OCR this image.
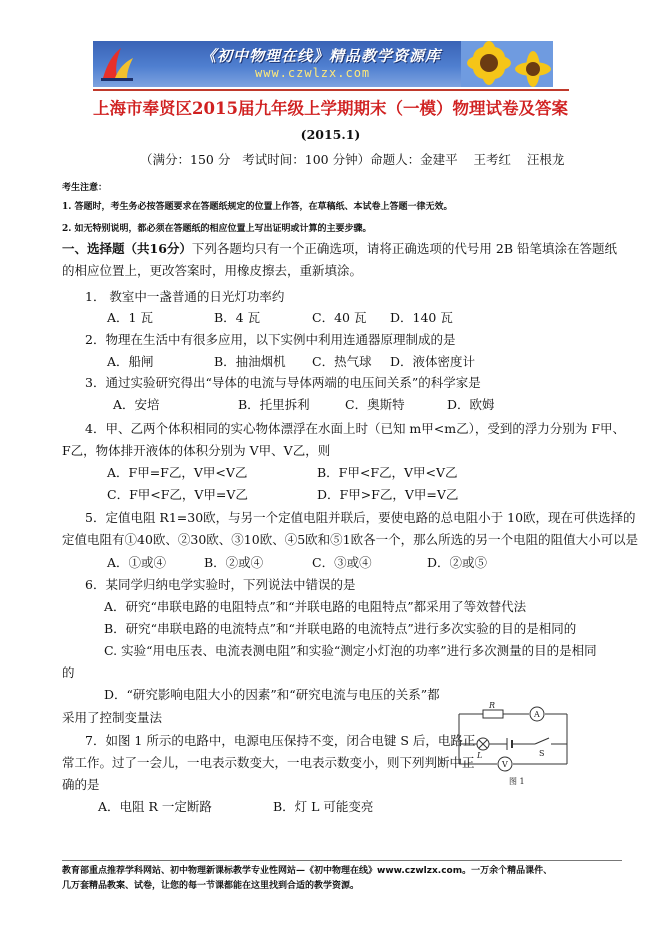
《初中物理在线》精品教学资源库
www.czwlzx.com
上海市奉贤区2015届九年级上学期期末（一模）物理试卷及答案
(2015.1)
（满分：150 分   考试时间：100 分钟）命题人：金建平    王考红    汪根龙
考生注意：
1. 答题时，考生务必按答题要求在答题纸规定的位置上作答，在草稿纸、本试卷上答题一律无效。
2. 如无特别说明，都必须在答题纸的相应位置上写出证明或计算的主要步骤。
一、选择题（共16分）下列各题均只有一个正确选项，请将正确选项的代号用 2B 铅笔填涂在答题纸
的相应位置上，更改答案时，用橡皮擦去，重新填涂。
1． 教室中一盏普通的日光灯功率约
A．1 瓦	B．4 瓦	C．40 瓦 D．140 瓦
2．物理在生活中有很多应用，以下实例中利用连通器原理制成的是
A．船闸	B．抽油烟机 C．热气球 D．液体密度计
3．通过实验研究得出“导体的电流与导体两端的电压间关系”的科学家是
A．安培	B．托里拆利	C．奥斯特	D．欧姆
4．甲、乙两个体积相同的实心物体漂浮在水面上时（已知 m甲<m乙），受到的浮力分别为 F甲、
F乙，物体排开液体的体积分别为 V甲、V乙，则
A．F甲=F乙，V甲<V乙	B．F甲<F乙，V甲<V乙
C．F甲<F乙，V甲=V乙	D．F甲>F乙，V甲=V乙
5．定值电阻 R1=30欧，与另一个定值电阻并联后，要使电路的总电阻小于 10欧，现在可供选择的
定值电阻有①40欧、②30欧、③10欧、④5欧和⑤1欧各一个，那么所选的另一个电阻的阻值大小可以是
A．①或④	B．②或④	C．③或④	D．②或⑤
6．某同学归纳电学实验时，下列说法中错误的是
A．研究“串联电路的电阻特点”和“并联电路的电阻特点”都采用了等效替代法
B．研究“串联电路的电流特点”和“并联电路的电流特点”进行多次实验的目的是相同的
C. 实验“用电压表、电流表测电阻”和实验“测定小灯泡的功率”进行多次测量的目的是相同
的
D．“研究影响电阻大小的因素”和“研究电流与电压的关系”都
采用了控制变量法
7．如图 1 所示的电路中，电源电压保持不变，闭合电键 S 后，电路正
常工作。过了一会儿，一电表示数变大，一电表示数变小，则下列判断中正
确的是
A．电阻 R 一定断路	B．灯 L 可能变亮
R
A
L	S
V
图 1
教育部重点推荐学科网站、初中物理新课标教学专业性网站—《初中物理在线》www.czwlzx.com。一万余个精品课件、
几万套精品教案、试卷，让您的每一节课都能在这里找到合适的教学资源。
